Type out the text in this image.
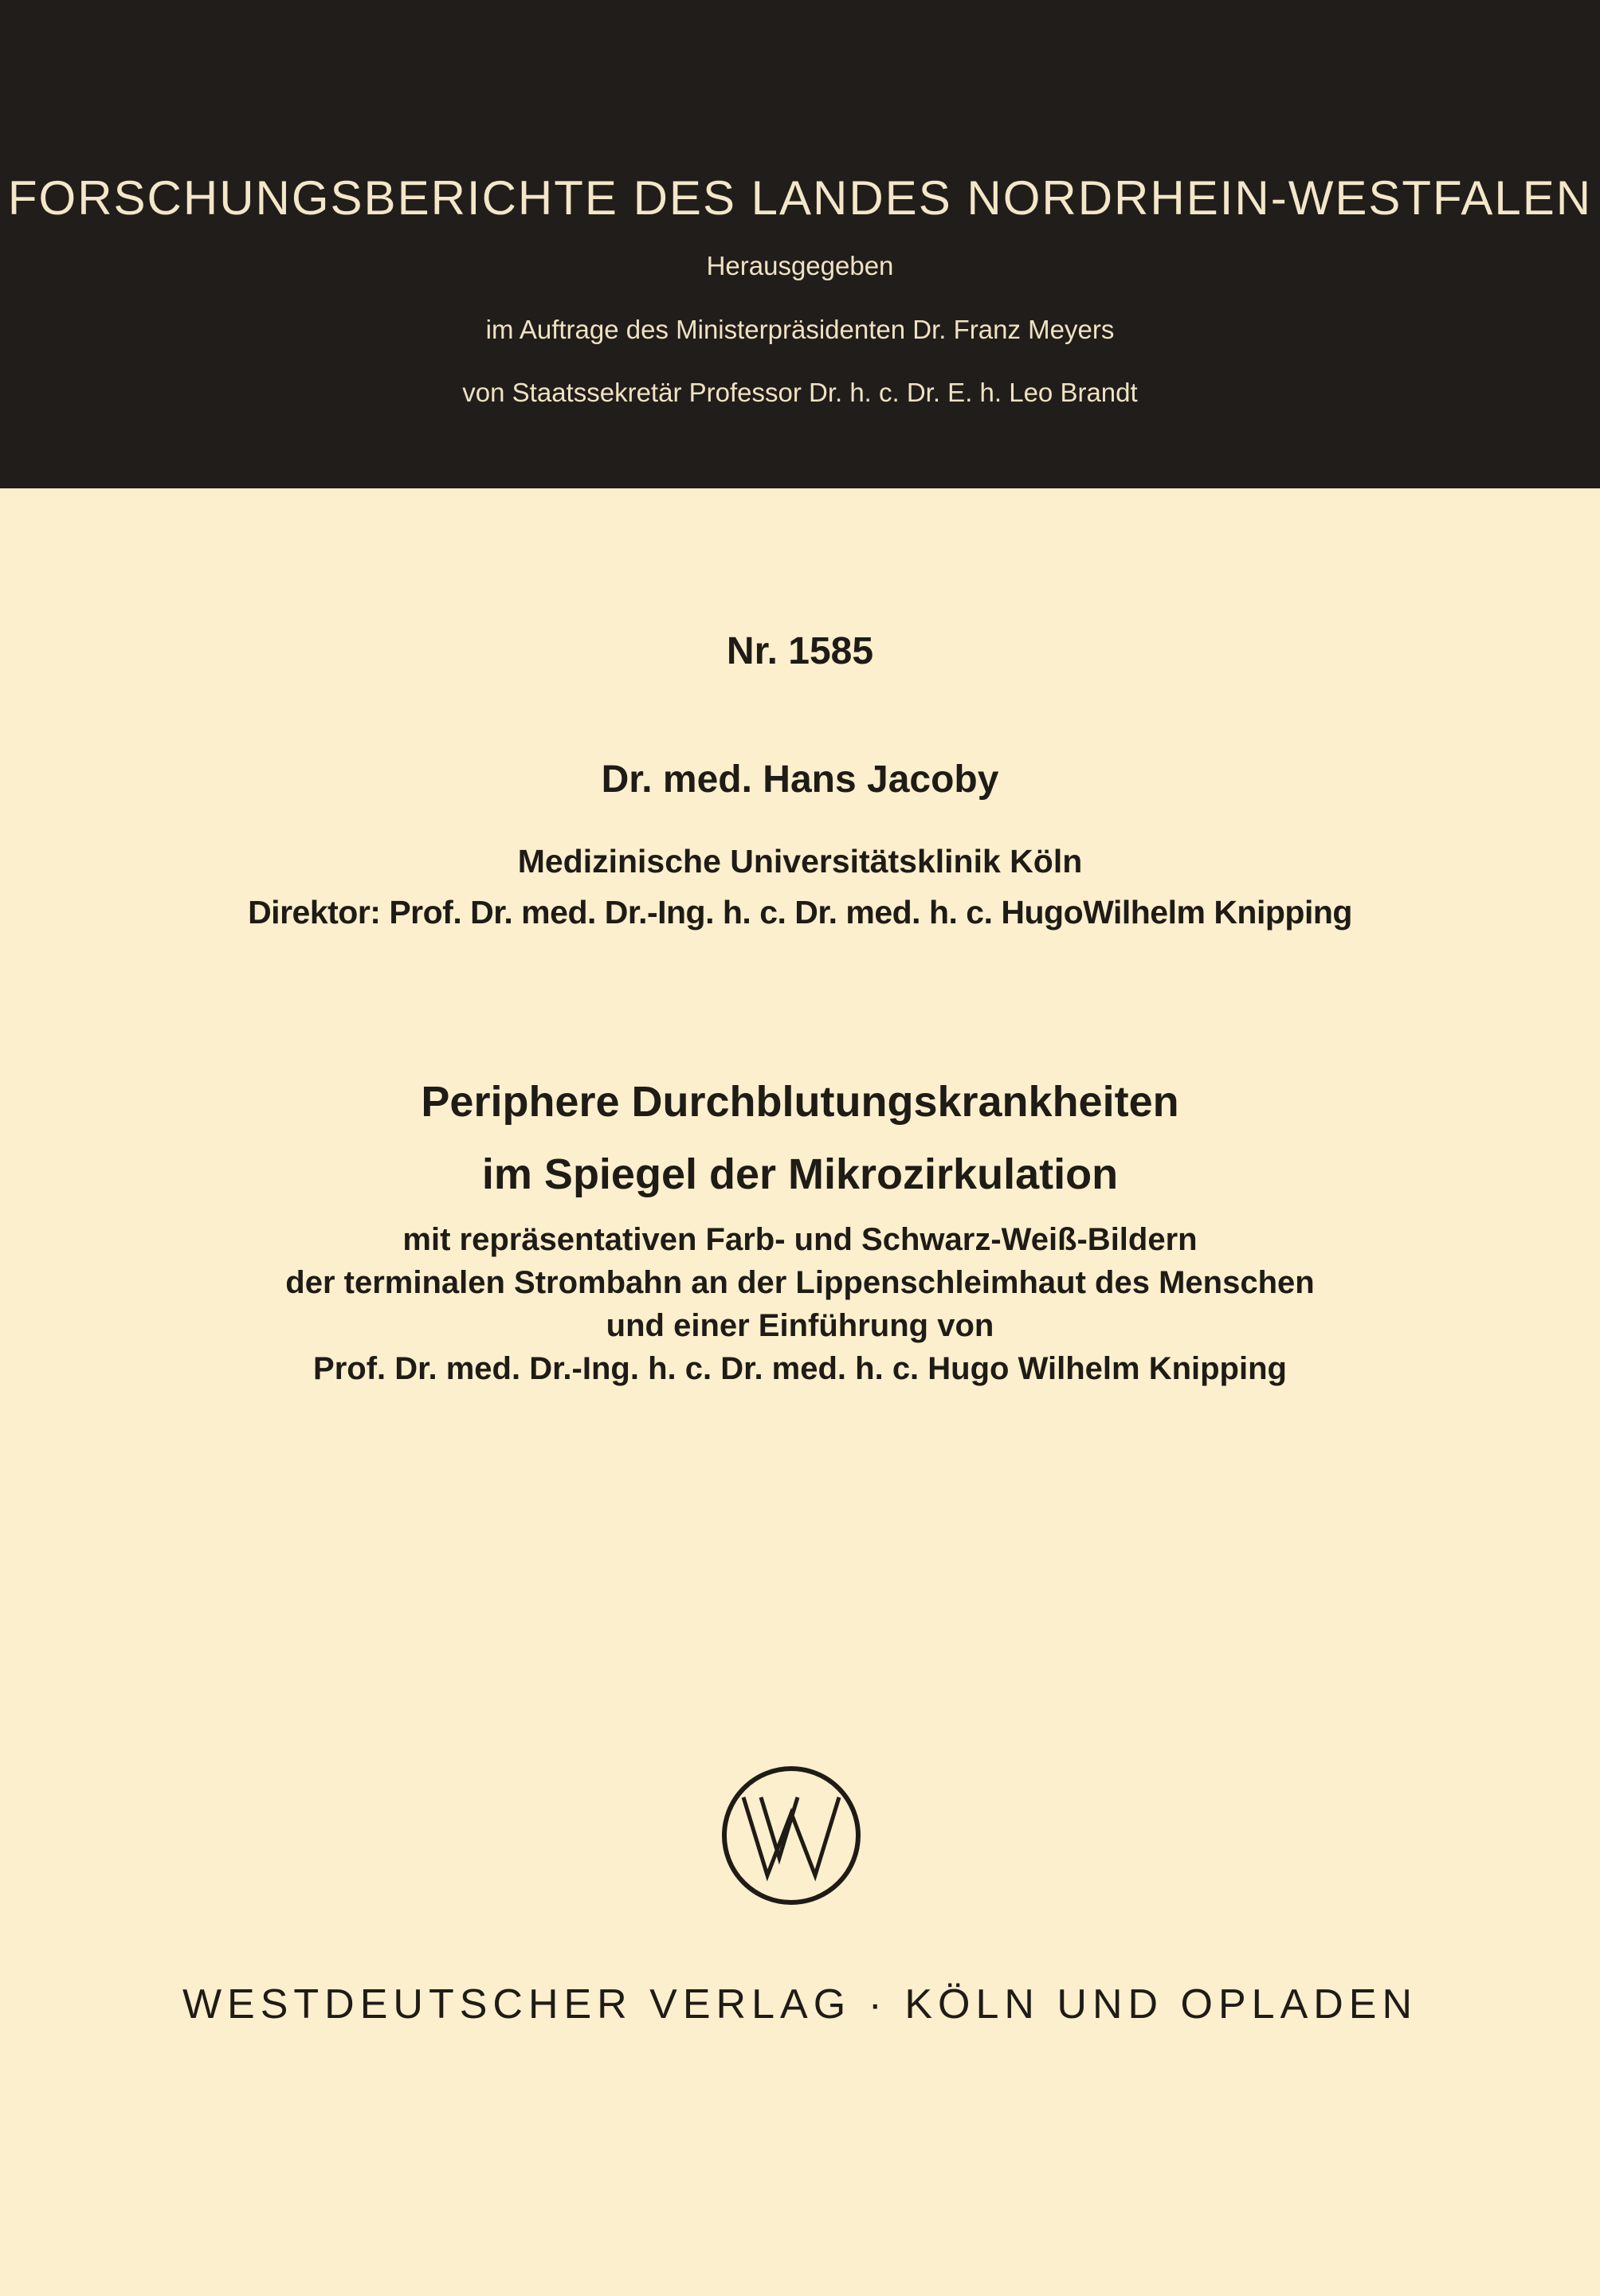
FORSCHUNGSBERICHTE DES LANDES NORDRHEIN-WESTFALEN
Herausgegeben
im Auftrage des Ministerpräsidenten Dr. Franz Meyers
von Staatssekretär Professor Dr. h. c. Dr. E. h. Leo Brandt
Nr. 1585
Dr. med. Hans Jacoby
Medizinische Universitätsklinik Köln
Direktor: Prof. Dr. med. Dr.-Ing. h. c. Dr. med. h. c. HugoWilhelm Knipping
Periphere Durchblutungskrankheiten
im Spiegel der Mikrozirkulation
mit repräsentativen Farb- und Schwarz-Weiß-Bildern
der terminalen Strombahn an der Lippenschleimhaut des Menschen
und einer Einführung von
Prof. Dr. med. Dr.-Ing. h. c. Dr. med. h. c. Hugo Wilhelm Knipping
WESTDEUTSCHER VERLAG · KÖLN UND OPLADEN
